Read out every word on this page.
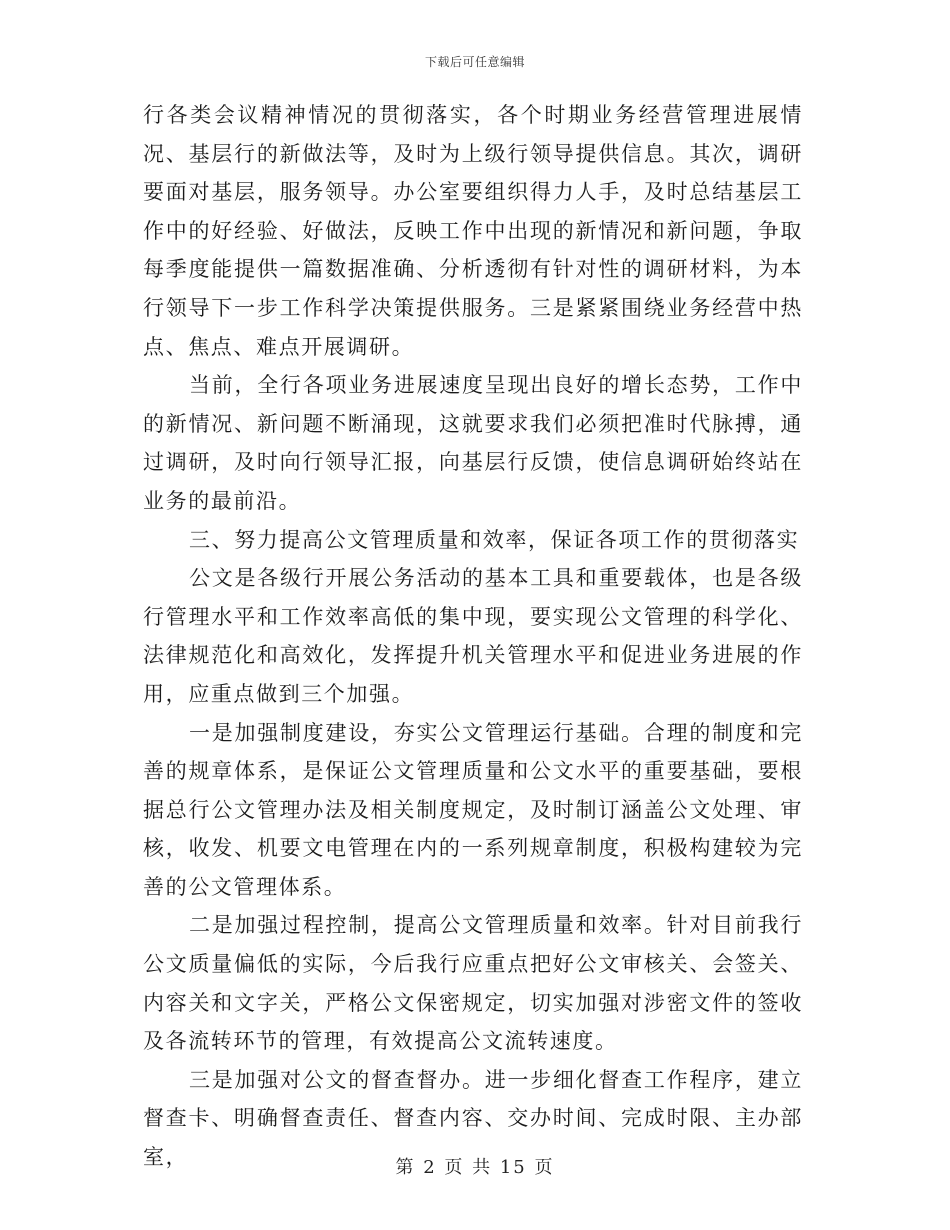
下载后可任意编辑

行各类会议精神情况的贯彻落实，各个时期业务经营管理进展情况、基层行的新做法等，及时为上级行领导提供信息。其次，调研要面对基层，服务领导。办公室要组织得力人手，及时总结基层工作中的好经验、好做法，反映工作中出现的新情况和新问题，争取每季度能提供一篇数据准确、分析透彻有针对性的调研材料，为本行领导下一步工作科学决策提供服务。三是紧紧围绕业务经营中热点、焦点、难点开展调研。

当前，全行各项业务进展速度呈现出良好的增长态势，工作中的新情况、新问题不断涌现，这就要求我们必须把准时代脉搏，通过调研，及时向行领导汇报，向基层行反馈，使信息调研始终站在业务的最前沿。

三、努力提高公文管理质量和效率，保证各项工作的贯彻落实

公文是各级行开展公务活动的基本工具和重要载体，也是各级行管理水平和工作效率高低的集中现，要实现公文管理的科学化、法律规范化和高效化，发挥提升机关管理水平和促进业务进展的作用，应重点做到三个加强。

一是加强制度建设，夯实公文管理运行基础。合理的制度和完善的规章体系，是保证公文管理质量和公文水平的重要基础，要根据总行公文管理办法及相关制度规定，及时制订涵盖公文处理、审核，收发、机要文电管理在内的一系列规章制度，积极构建较为完善的公文管理体系。

二是加强过程控制，提高公文管理质量和效率。针对目前我行公文质量偏低的实际，今后我行应重点把好公文审核关、会签关、内容关和文字关，严格公文保密规定，切实加强对涉密文件的签收及各流转环节的管理，有效提高公文流转速度。

三是加强对公文的督查督办。进一步细化督查工作程序，建立督查卡、明确督查责任、督查内容、交办时间、完成时限、主办部室，	第 2 页 共 15 页
